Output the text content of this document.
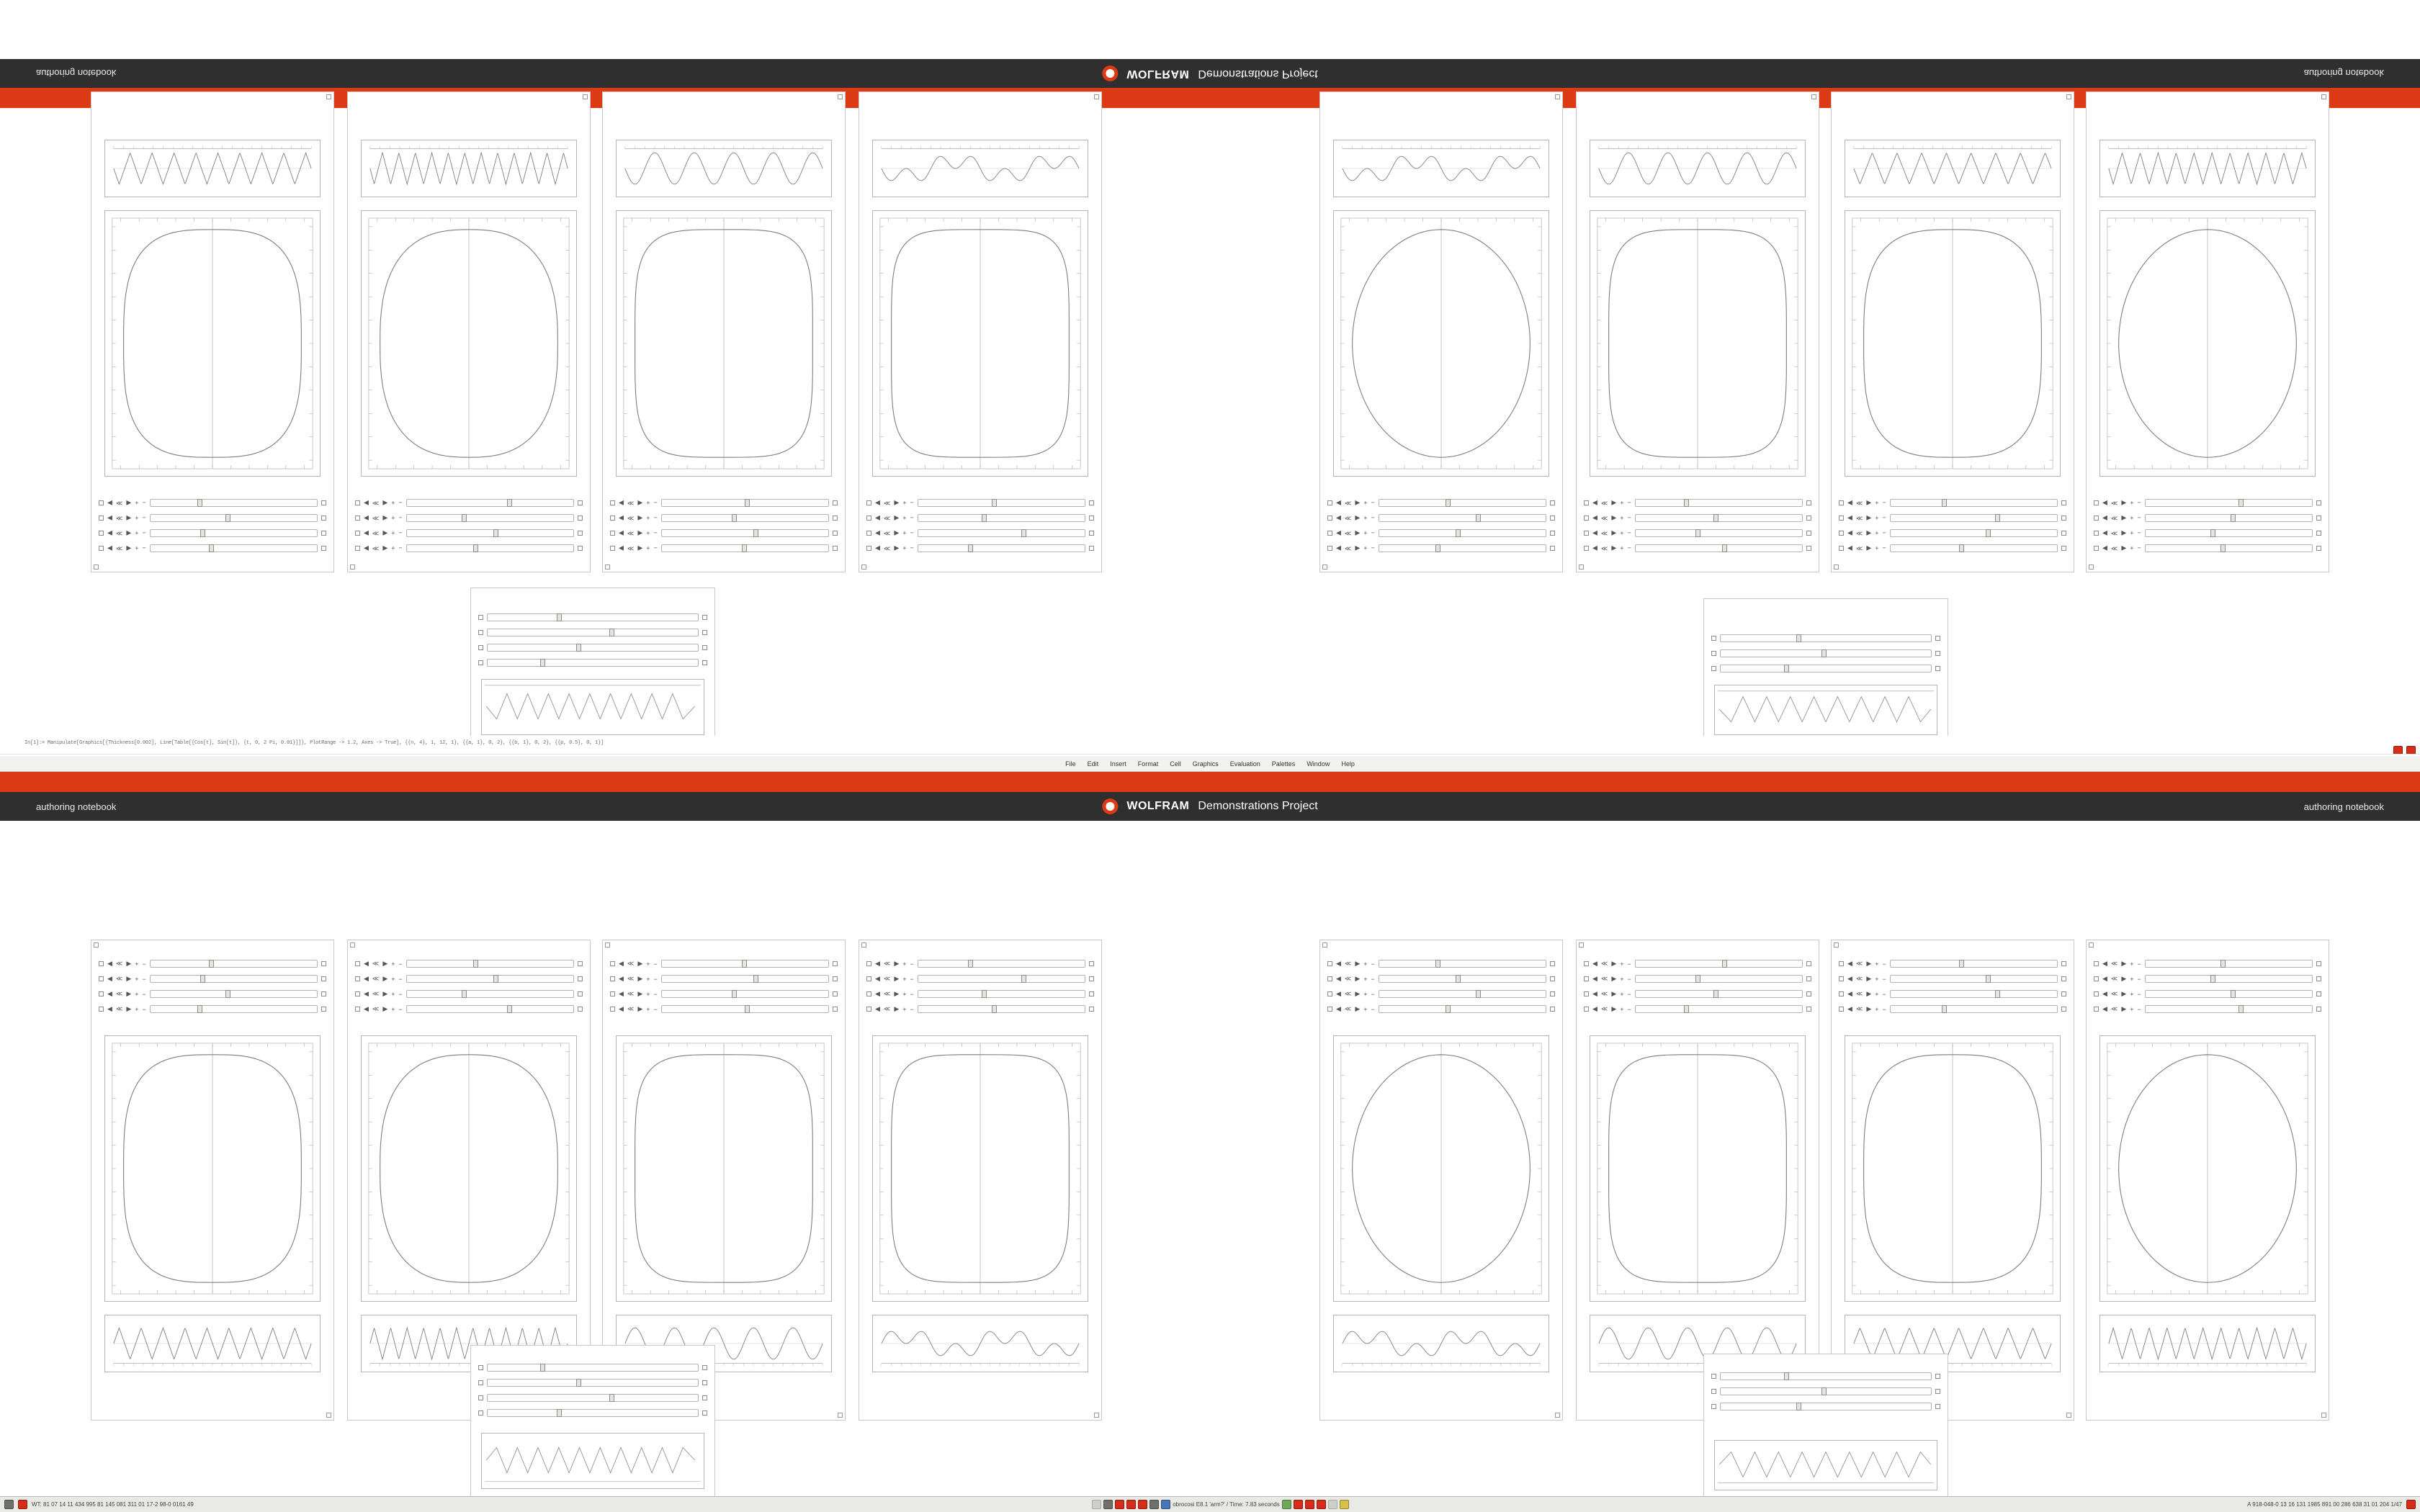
authoring notebook	WOLFRAM Demonstrations Project	authoring notebook
◀ ≪ ▶ + −
◀ ≪ ▶ + −
◀ ≪ ▶ + −
◀ ≪ ▶ + −
◀ ≪ ▶ + −
◀ ≪ ▶ + −
◀ ≪ ▶ + −
◀ ≪ ▶ + −
◀ ≪ ▶ + −
◀ ≪ ▶ + −
◀ ≪ ▶ + −
◀ ≪ ▶ + −
◀ ≪ ▶ + −
◀ ≪ ▶ + −
◀ ≪ ▶ + −
◀ ≪ ▶ + −
◀ ≪ ▶ + −
◀ ≪ ▶ + −
◀ ≪ ▶ + −
◀ ≪ ▶ + −
◀ ≪ ▶ + −
◀ ≪ ▶ + −
◀ ≪ ▶ + −
◀ ≪ ▶ + −
◀ ≪ ▶ + −
◀ ≪ ▶ + −
◀ ≪ ▶ + −
◀ ≪ ▶ + −
◀ ≪ ▶ + −
◀ ≪ ▶ + −
◀ ≪ ▶ + −
◀ ≪ ▶ + −
File Edit Insert Format Cell Graphics Evaluation Palettes Window Help
authoring notebook	WOLFRAM Demonstrations Project	authoring notebook
◀ ≪ ▶ + −
◀ ≪ ▶ + −
◀ ≪ ▶ + −
◀ ≪ ▶ + −
◀ ≪ ▶ + −
◀ ≪ ▶ + −
◀ ≪ ▶ + −
◀ ≪ ▶ + −
◀ ≪ ▶ + −
◀ ≪ ▶ + −
◀ ≪ ▶ + −
◀ ≪ ▶ + −
◀ ≪ ▶ + −
◀ ≪ ▶ + −
◀ ≪ ▶ + −
◀ ≪ ▶ + −
◀ ≪ ▶ + −
◀ ≪ ▶ + −
◀ ≪ ▶ + −
◀ ≪ ▶ + −
◀ ≪ ▶ + −
◀ ≪ ▶ + −
◀ ≪ ▶ + −
◀ ≪ ▶ + −
◀ ≪ ▶ + −
◀ ≪ ▶ + −
◀ ≪ ▶ + −
◀ ≪ ▶ + −
◀ ≪ ▶ + −
◀ ≪ ▶ + −
◀ ≪ ▶ + −
◀ ≪ ▶ + −
In[1]:= Manipulate[Graphics[{Thickness[0.002], Line[Table[{Cos[t], Sin[t]}, {t, 0, 2 Pi, 0.01}]]}, PlotRange -> 1.2, Axes -> True], {{n, 4}, 1, 12, 1}, {{a, 1}, 0, 2}, {{b, 1}, 0, 2}, {{p, 0.5}, 0, 1}]
WT: 81 07 14 11 434 995 81 145 081 311 01 17-2 98-0 0161 49	obrocosi E8.1 'arm?' / Time: 7.83 seconds	A 918-048-0 13 16 131 1985 891 00 286 638 31 01 204 1/47
